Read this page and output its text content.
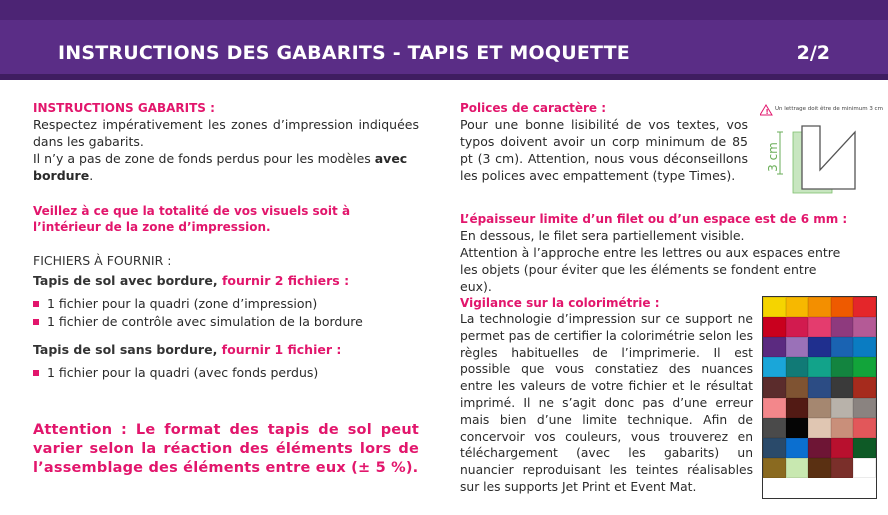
INSTRUCTIONS DES GABARITS - TAPIS ET MOQUETTE	2/2

INSTRUCTIONS GABARITS :

Respectez impérativement les zones d’impression indiquées dans les gabarits.

Il n’y a pas de zone de fonds perdus pour les modèles avec bordure.

Veillez à ce que la totalité de vos visuels soit à l’intérieur de la zone d’impression.

FICHIERS À FOURNIR :
Tapis de sol avec bordure, fournir 2 fichiers :
1 fichier pour la quadri (zone d’impression)
1 fichier de contrôle avec simulation de la bordure
Tapis de sol sans bordure, fournir 1 fichier :
1 fichier pour la quadri (avec fonds perdus)
Attention : Le format des tapis de sol peut varier selon la réaction des éléments lors de l’assemblage des éléments entre eux (± 5 %).

Polices de caractère :

Pour une bonne lisibilité de vos textes, vos typos doivent avoir un corp minimum de 85 pt (3 cm). Attention, nous vous déconseillons les polices avec empattement (type Times).

! Un lettrage doit être de minimum 3 cm
3 cm

L’épaisseur limite d’un filet ou d’un espace est de 6 mm :

En dessous, le filet sera partiellement visible.

Attention à l’approche entre les lettres ou aux espaces entre les objets (pour éviter que les éléments se fondent entre eux).

Vigilance sur la colorimétrie :

La technologie d’impression sur ce support ne permet pas de certifier la colorimétrie selon les règles habituelles de l’imprimerie. Il est possible que vous constatiez des nuances entre les valeurs de votre fichier et le résultat imprimé. Il ne s’agit donc pas d’une erreur mais bien d’une limite technique. Afin de concervoir vos couleurs, vous trouverez en téléchargement (avec les gabarits) un nuancier reproduisant les teintes réalisables sur les supports Jet Print et Event Mat.
